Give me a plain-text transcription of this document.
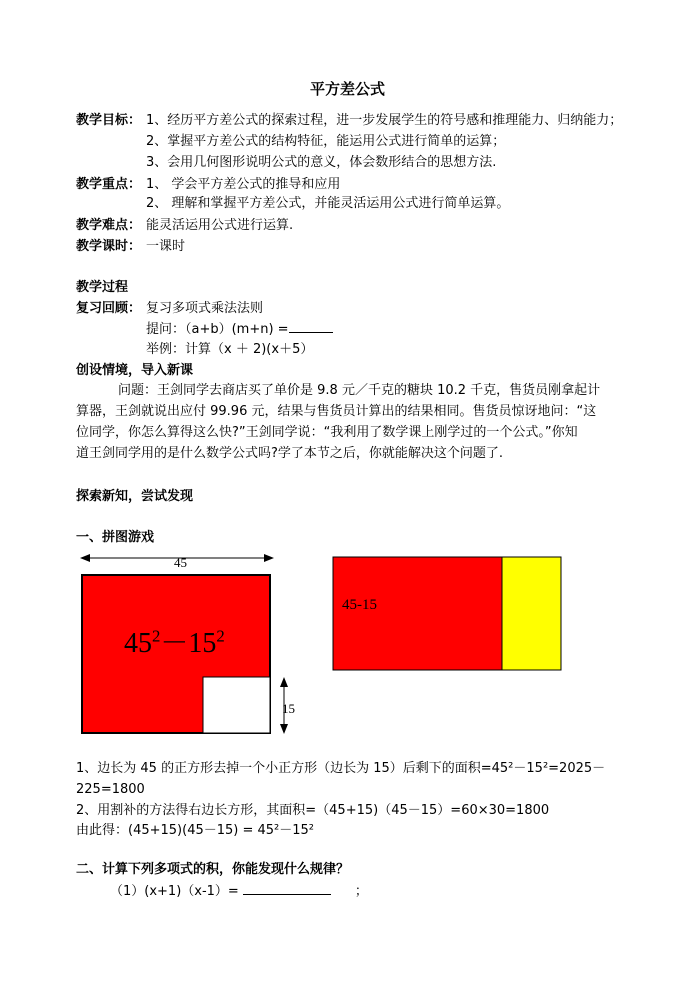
平方差公式
教学目标： 1、经历平方差公式的探索过程，进一步发展学生的符号感和推理能力、归纳能力；
2、掌握平方差公式的结构特征，能运用公式进行简单的运算；
3、会用几何图形说明公式的意义，体会数形结合的思想方法.
教学重点： 1、 学会平方差公式的推导和应用
2、 理解和掌握平方差公式，并能灵活运用公式进行简单运算。
教学难点： 能灵活运用公式进行运算.
教学课时： 一课时
教学过程
复习回顾： 复习多项式乘法法则
提问：（a+b）(m+n) =
举例：计算（x ＋ 2)(x＋5）
创设情境，导入新课
问题：王剑同学去商店买了单价是 9.8 元／千克的糖块 10.2 千克，售货员刚拿起计
算器，王剑就说出应付 99.96 元，结果与售货员计算出的结果相同。售货员惊讶地问：“这
位同学，你怎么算得这么快?”王剑同学说：“我利用了数学课上刚学过的一个公式。”你知
道王剑同学用的是什么数学公式吗?学了本节之后，你就能解决这个问题了.
探索新知，尝试发现
一、拼图游戏
45
15
$45^2-15^2$
45-15
1、边长为 45 的正方形去掉一个小正方形（边长为 15）后剩下的面积=45²－15²=2025－
225=1800
2、用割补的方法得右边长方形，其面积=（45+15)（45－15）=60×30=1800
由此得：(45+15)(45－15) = 45²－15²
二、计算下列多项式的积，你能发现什么规律？
（1）(x+1)（x-1）=	；
